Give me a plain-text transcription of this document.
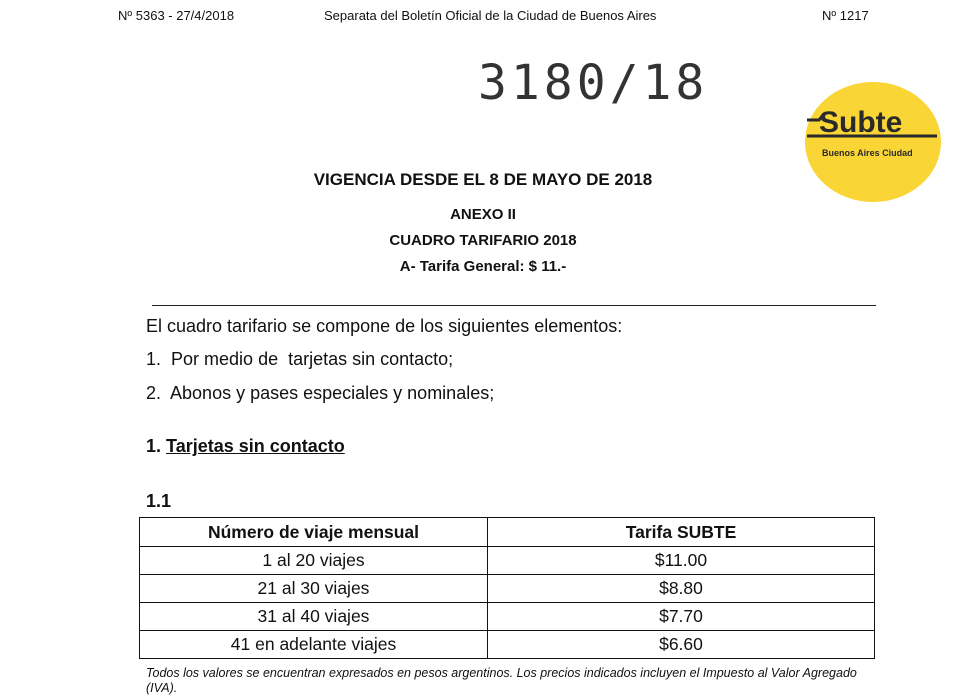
Nº 5363 - 27/4/2018	Separata del Boletín Oficial de la Ciudad de Buenos Aires	Nº 1217
3180/18
Subte
Buenos Aires Ciudad
VIGENCIA DESDE EL 8 DE MAYO DE 2018
ANEXO II
CUADRO TARIFARIO 2018
A- Tarifa General: $ 11.-
El cuadro tarifario se compone de los siguientes elementos:
1. Por medio de  tarjetas sin contacto;
2. Abonos y pases especiales y nominales;
1. Tarjetas sin contacto
1.1
Número de viaje mensual	Tarifa SUBTE
1 al 20 viajes	$11.00
21 al 30 viajes	$8.80
31 al 40 viajes	$7.70
41 en adelante viajes	$6.60
Todos los valores se encuentran expresados en pesos argentinos. Los precios indicados incluyen el Impuesto al Valor Agregado (IVA).
